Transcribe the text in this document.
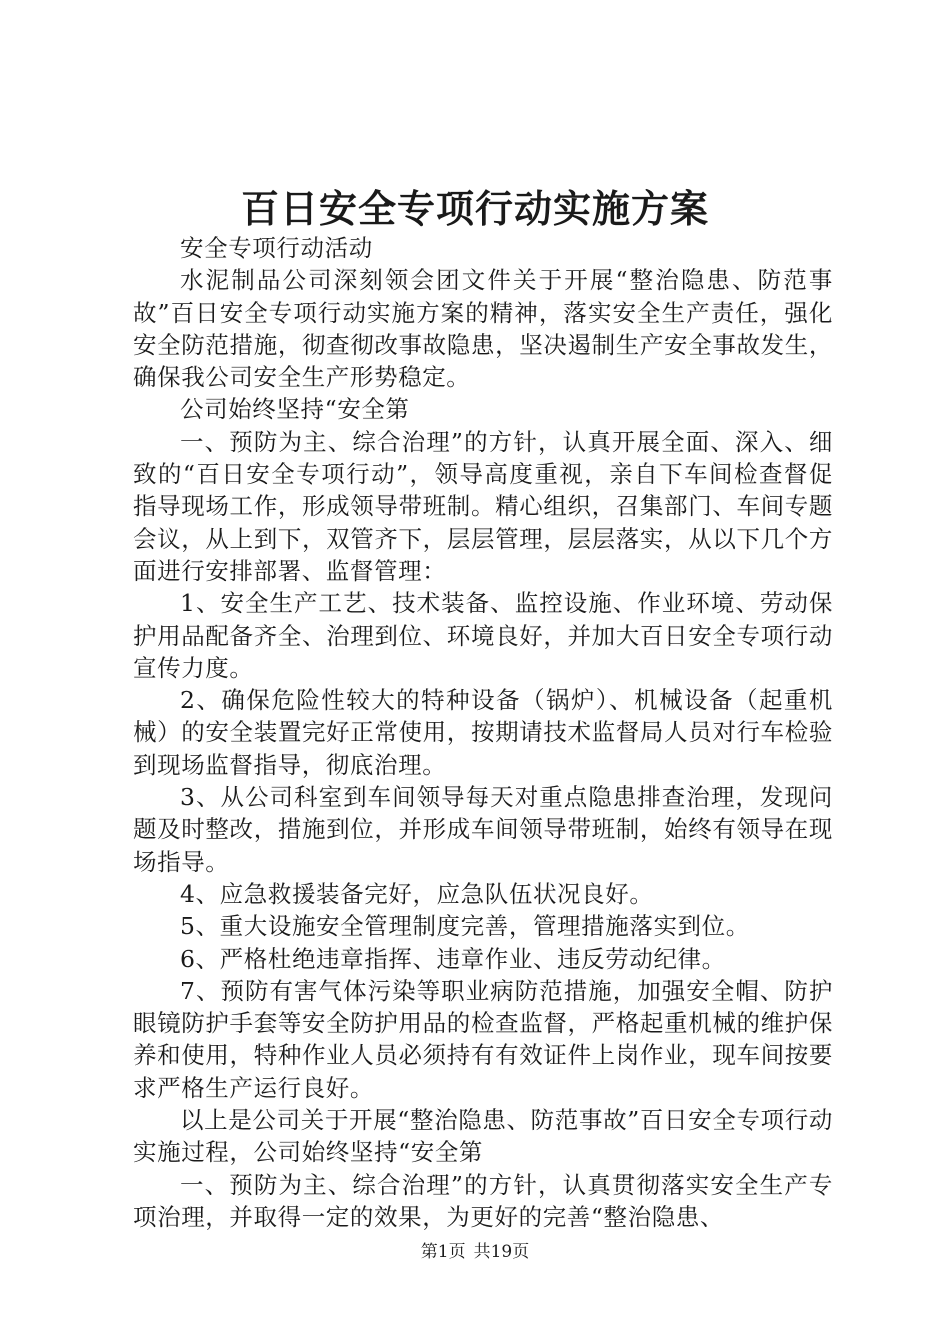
百日安全专项行动实施方案

安全专项行动活动

水泥制品公司深刻领会团文件关于开展“整治隐患、防范事故”百日安全专项行动实施方案的精神，落实安全生产责任，强化安全防范措施，彻查彻改事故隐患，坚决遏制生产安全事故发生，确保我公司安全生产形势稳定。

公司始终坚持“安全第

一、预防为主、综合治理”的方针，认真开展全面、深入、细致的“百日安全专项行动”，领导高度重视，亲自下车间检查督促指导现场工作，形成领导带班制。精心组织，召集部门、车间专题会议，从上到下，双管齐下，层层管理，层层落实，从以下几个方面进行安排部署、监督管理：

1、安全生产工艺、技术装备、监控设施、作业环境、劳动保护用品配备齐全、治理到位、环境良好，并加大百日安全专项行动宣传力度。

2、确保危险性较大的特种设备（锅炉）、机械设备（起重机械）的安全装置完好正常使用，按期请技术监督局人员对行车检验到现场监督指导，彻底治理。

3、从公司科室到车间领导每天对重点隐患排查治理，发现问题及时整改，措施到位，并形成车间领导带班制，始终有领导在现场指导。

4、应急救援装备完好，应急队伍状况良好。

5、重大设施安全管理制度完善，管理措施落实到位。

6、严格杜绝违章指挥、违章作业、违反劳动纪律。

7、预防有害气体污染等职业病防范措施，加强安全帽、防护眼镜防护手套等安全防护用品的检查监督，严格起重机械的维护保养和使用，特种作业人员必须持有有效证件上岗作业，现车间按要求严格生产运行良好。

以上是公司关于开展“整治隐患、防范事故”百日安全专项行动实施过程，公司始终坚持“安全第

一、预防为主、综合治理”的方针，认真贯彻落实安全生产专项治理，并取得一定的效果，为更好的完善“整治隐患、

第1页 共19页
